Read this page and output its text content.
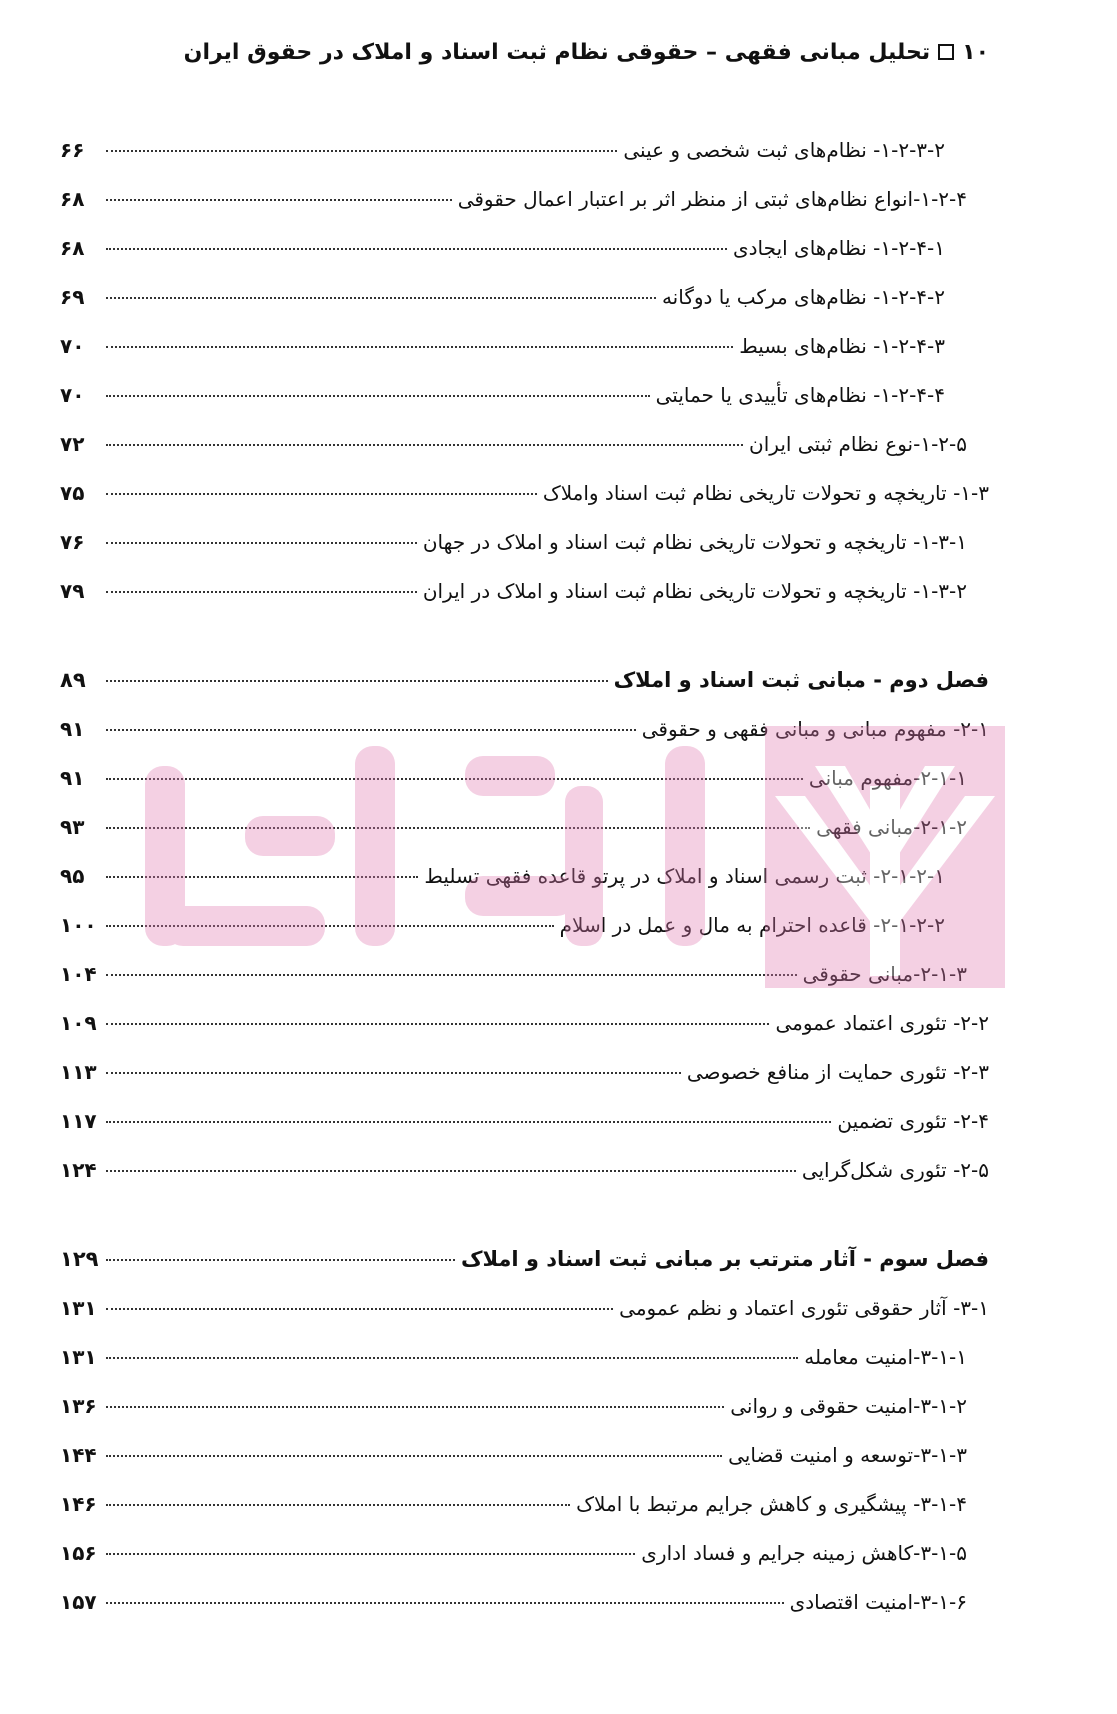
۱۰
تحلیل مبانی فقهی – حقوقی نظام ثبت اسناد و املاک در حقوق ایران
۱-۲-۳-۲- نظام‌های ثبت شخصی و عینی
۶۶
۱-۲-۴-انواع نظام‌های ثبتی از منظر اثر بر اعتبار اعمال حقوقی
۶۸
۱-۲-۴-۱- نظام‌های ایجادی
۶۸
۱-۲-۴-۲- نظام‌های مرکب یا دوگانه
۶۹
۱-۲-۴-۳- نظام‌های بسیط
۷۰
۱-۲-۴-۴- نظام‌های تأییدی یا حمایتی
۷۰
۱-۲-۵-نوع نظام ثبتی ایران
۷۲
۱-۳- تاریخچه و تحولات تاریخی نظام ثبت اسناد واملاک
۷۵
۱-۳-۱- تاریخچه و تحولات تاریخی نظام ثبت اسناد و املاک در جهان
۷۶
۱-۳-۲- تاریخچه و تحولات تاریخی نظام ثبت اسناد و املاک در ایران
۷۹
فصل دوم - مبانی ثبت اسناد و املاک
۸۹
۲-۱- مفهوم مبانی و مبانی فقهی و حقوقی
۹۱
۲-۱-۱-مفهوم مبانی
۹۱
۲-۱-۲-مبانی فقهی
۹۳
۲-۱-۲-۱- ثبت رسمی اسناد و املاک در پرتو قاعده فقهی تسلیط
۹۵
۲-۱-۲-۲- قاعده احترام به مال و عمل در اسلام
۱۰۰
۲-۱-۳-مبانی حقوقی
۱۰۴
۲-۲- تئوری اعتماد عمومی
۱۰۹
۲-۳- تئوری حمایت از منافع خصوصی
۱۱۳
۲-۴- تئوری تضمین
۱۱۷
۲-۵- تئوری شکل‌گرایی
۱۲۴
فصل سوم - آثار مترتب بر مبانی ثبت اسناد و املاک
۱۲۹
۳-۱- آثار حقوقی تئوری اعتماد و نظم عمومی
۱۳۱
۳-۱-۱-امنیت معامله
۱۳۱
۳-۱-۲-امنیت حقوقی و روانی
۱۳۶
۳-۱-۳-توسعه و امنیت قضایی
۱۴۴
۳-۱-۴- پیشگیری و کاهش جرایم مرتبط با املاک
۱۴۶
۳-۱-۵-کاهش زمینه جرایم و فساد اداری
۱۵۶
۳-۱-۶-امنیت اقتصادی
۱۵۷
